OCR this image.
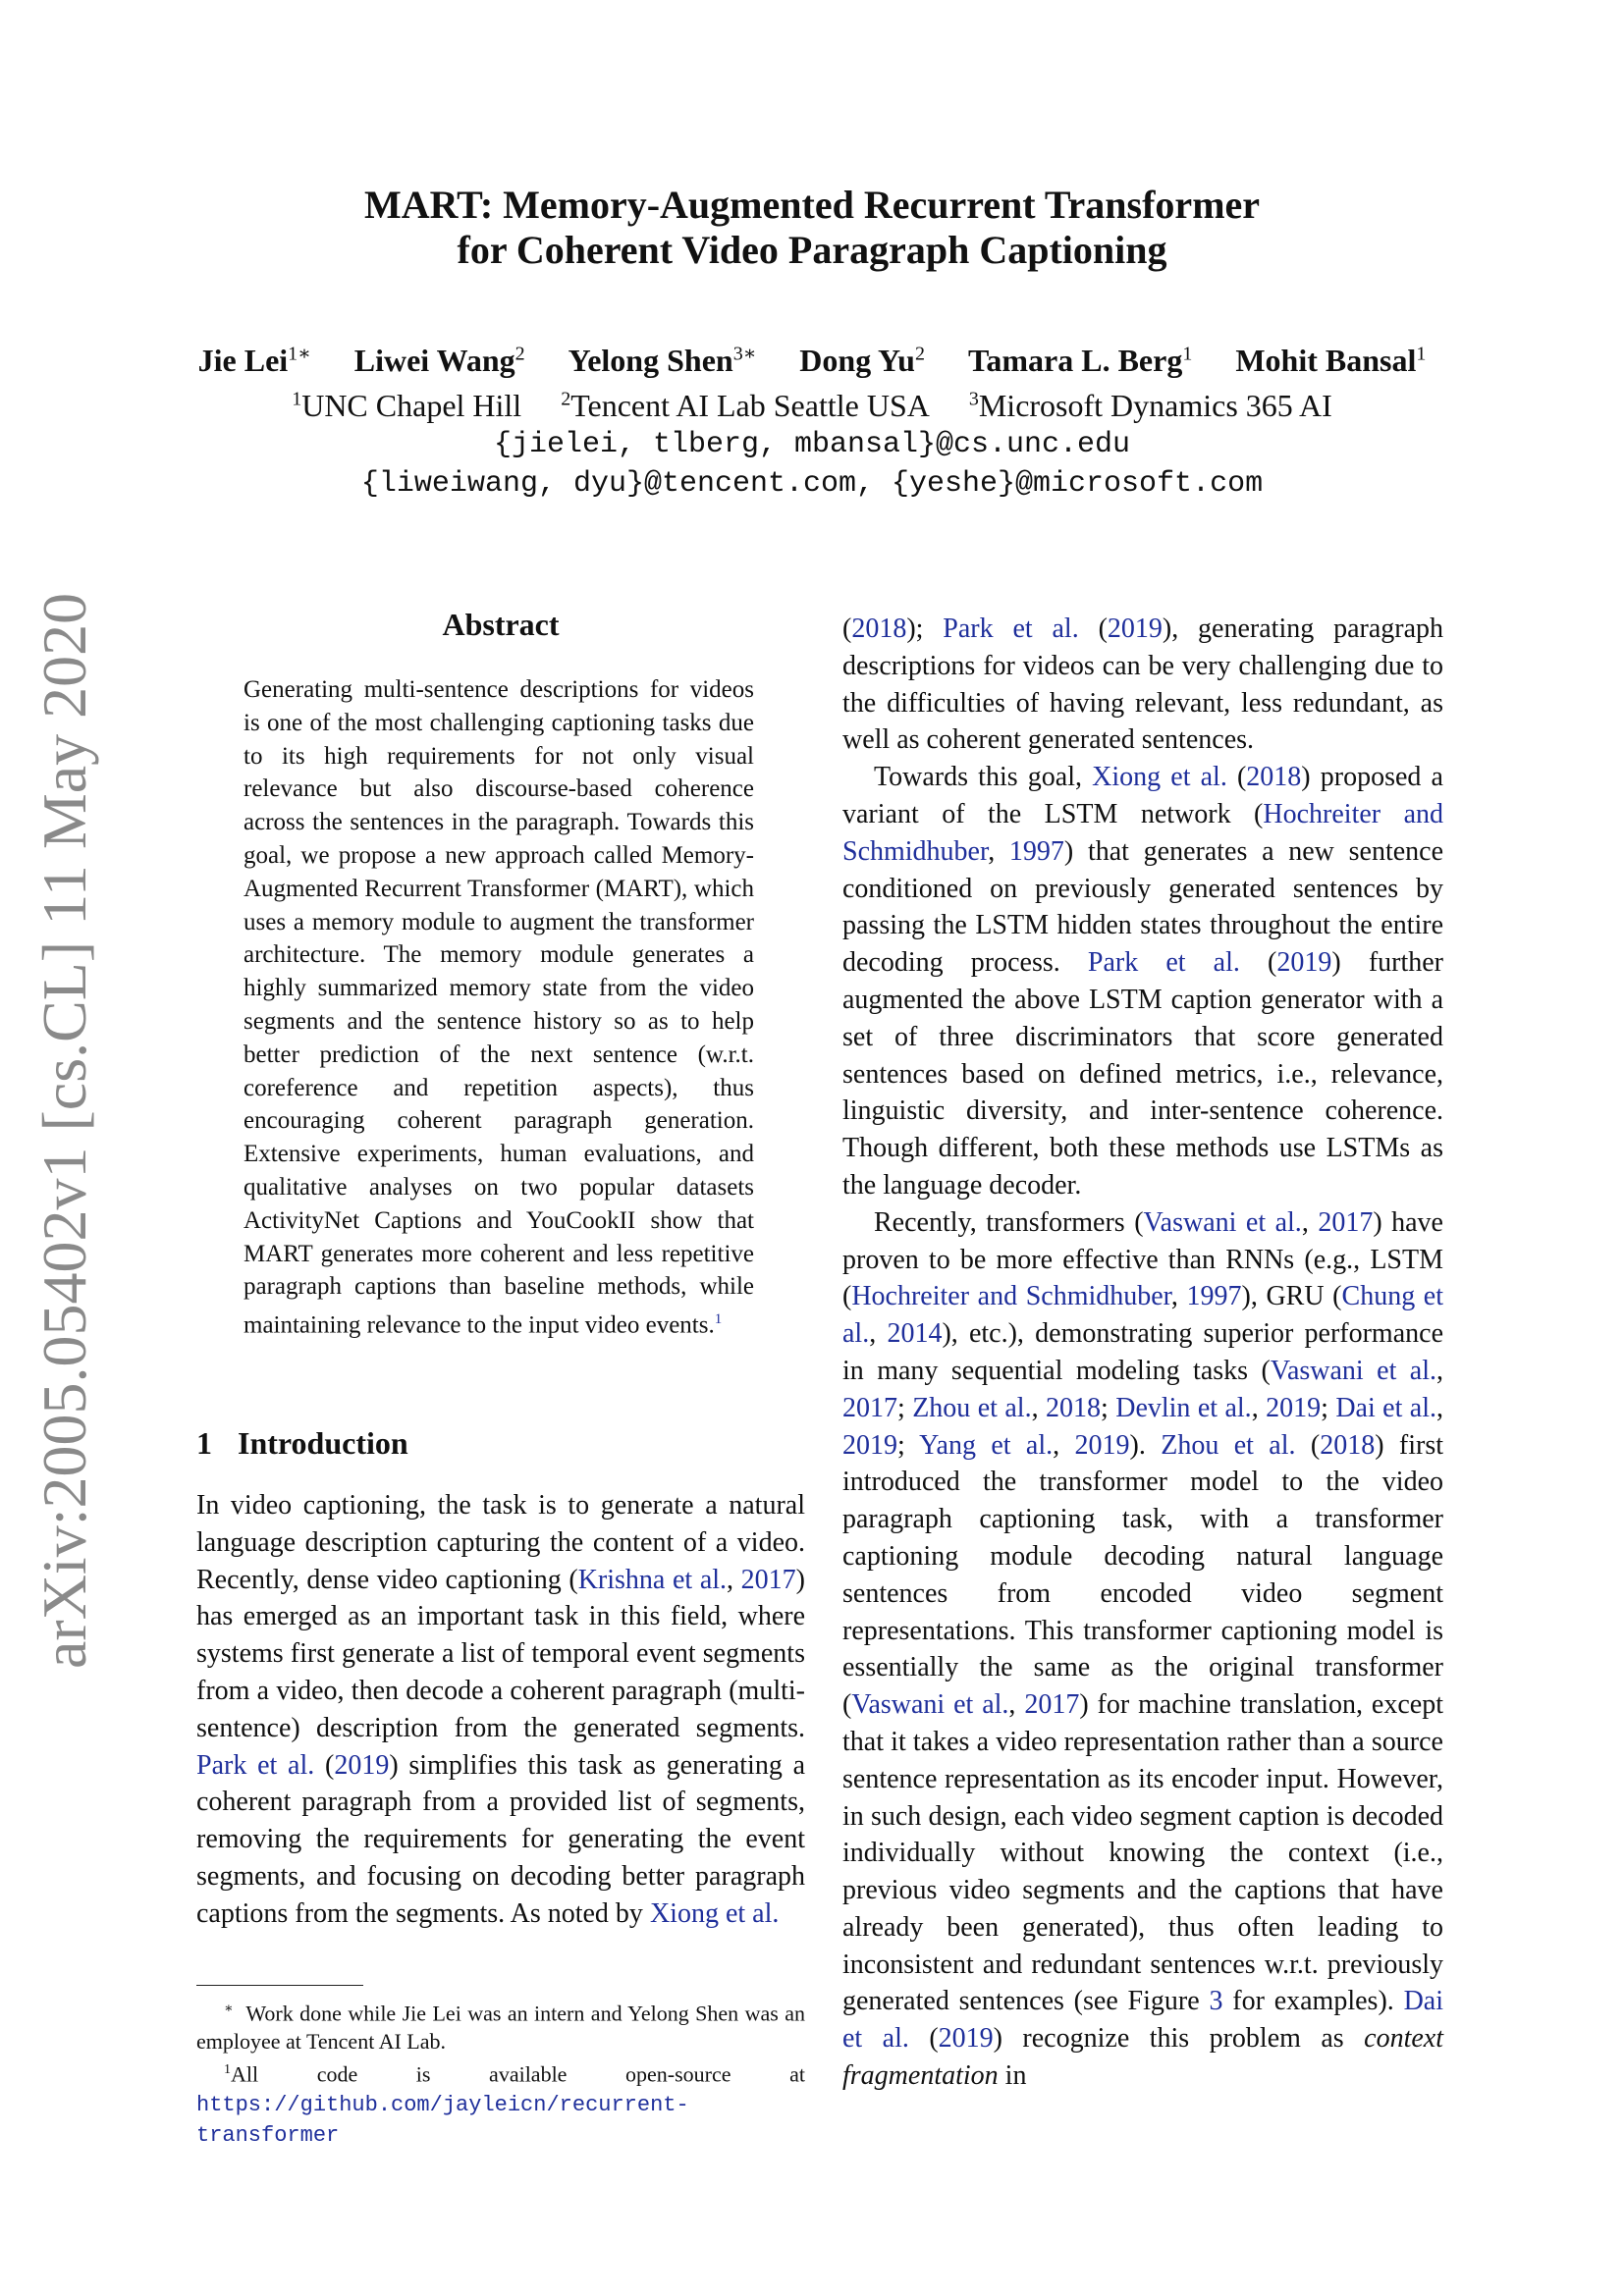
arXiv:2005.05402v1 [cs.CL] 11 May 2020
MART: Memory-Augmented Recurrent Transformer
for Coherent Video Paragraph Captioning
Jie Lei$^{1∗}$ Liwei Wang$^2$ Yelong Shen$^{3∗}$ Dong Yu$^2$ Tamara L. Berg$^1$ Mohit Bansal$^1$
$^1$UNC Chapel Hill $^2$Tencent AI Lab Seattle USA $^3$Microsoft Dynamics 365 AI
{jielei, tlberg, mbansal}@cs.unc.edu
{liweiwang, dyu}@tencent.com, {yeshe}@microsoft.com
Abstract

Generating multi-sentence descriptions for videos is one of the most challenging captioning tasks due to its high requirements for not only visual relevance but also discourse-based coherence across the sentences in the paragraph. Towards this goal, we propose a new approach called Memory-Augmented Recurrent Transformer (MART), which uses a memory module to augment the transformer architecture. The memory module generates a highly summarized memory state from the video segments and the sentence history so as to help better prediction of the next sentence (w.r.t. coreference and repetition aspects), thus encouraging coherent paragraph generation. Extensive experiments, human evaluations, and qualitative analyses on two popular datasets ActivityNet Captions and YouCookII show that MART generates more coherent and less repetitive paragraph captions than baseline methods, while maintaining relevance to the input video events.$^1$

1 Introduction

In video captioning, the task is to generate a natural language description capturing the content of a video. Recently, dense video captioning (Krishna et al., 2017) has emerged as an important task in this field, where systems first generate a list of temporal event segments from a video, then decode a coherent paragraph (multi-sentence) description from the generated segments. Park et al. (2019) simplifies this task as generating a coherent paragraph from a provided list of segments, removing the requirements for generating the event segments, and focusing on decoding better paragraph captions from the segments. As noted by Xiong et al.

∗ Work done while Jie Lei was an intern and Yelong Shen was an employee at Tencent AI Lab.

$^1$All code is available open-source at https://github.com/jayleicn/recurrent-transformer

(2018); Park et al. (2019), generating paragraph descriptions for videos can be very challenging due to the difficulties of having relevant, less redundant, as well as coherent generated sentences.

Towards this goal, Xiong et al. (2018) proposed a variant of the LSTM network (Hochreiter and Schmidhuber, 1997) that generates a new sentence conditioned on previously generated sentences by passing the LSTM hidden states throughout the entire decoding process. Park et al. (2019) further augmented the above LSTM caption generator with a set of three discriminators that score generated sentences based on defined metrics, i.e., relevance, linguistic diversity, and inter-sentence coherence. Though different, both these methods use LSTMs as the language decoder.

Recently, transformers (Vaswani et al., 2017) have proven to be more effective than RNNs (e.g., LSTM (Hochreiter and Schmidhuber, 1997), GRU (Chung et al., 2014), etc.), demonstrating superior performance in many sequential modeling tasks (Vaswani et al., 2017; Zhou et al., 2018; Devlin et al., 2019; Dai et al., 2019; Yang et al., 2019). Zhou et al. (2018) first introduced the transformer model to the video paragraph captioning task, with a transformer captioning module decoding natural language sentences from encoded video segment representations. This transformer captioning model is essentially the same as the original transformer (Vaswani et al., 2017) for machine translation, except that it takes a video representation rather than a source sentence representation as its encoder input. However, in such design, each video segment caption is decoded individually without knowing the context (i.e., previous video segments and the captions that have already been generated), thus often leading to inconsistent and redundant sentences w.r.t. previously generated sentences (see Figure 3 for examples). Dai et al. (2019) recognize this problem as context fragmentation in
